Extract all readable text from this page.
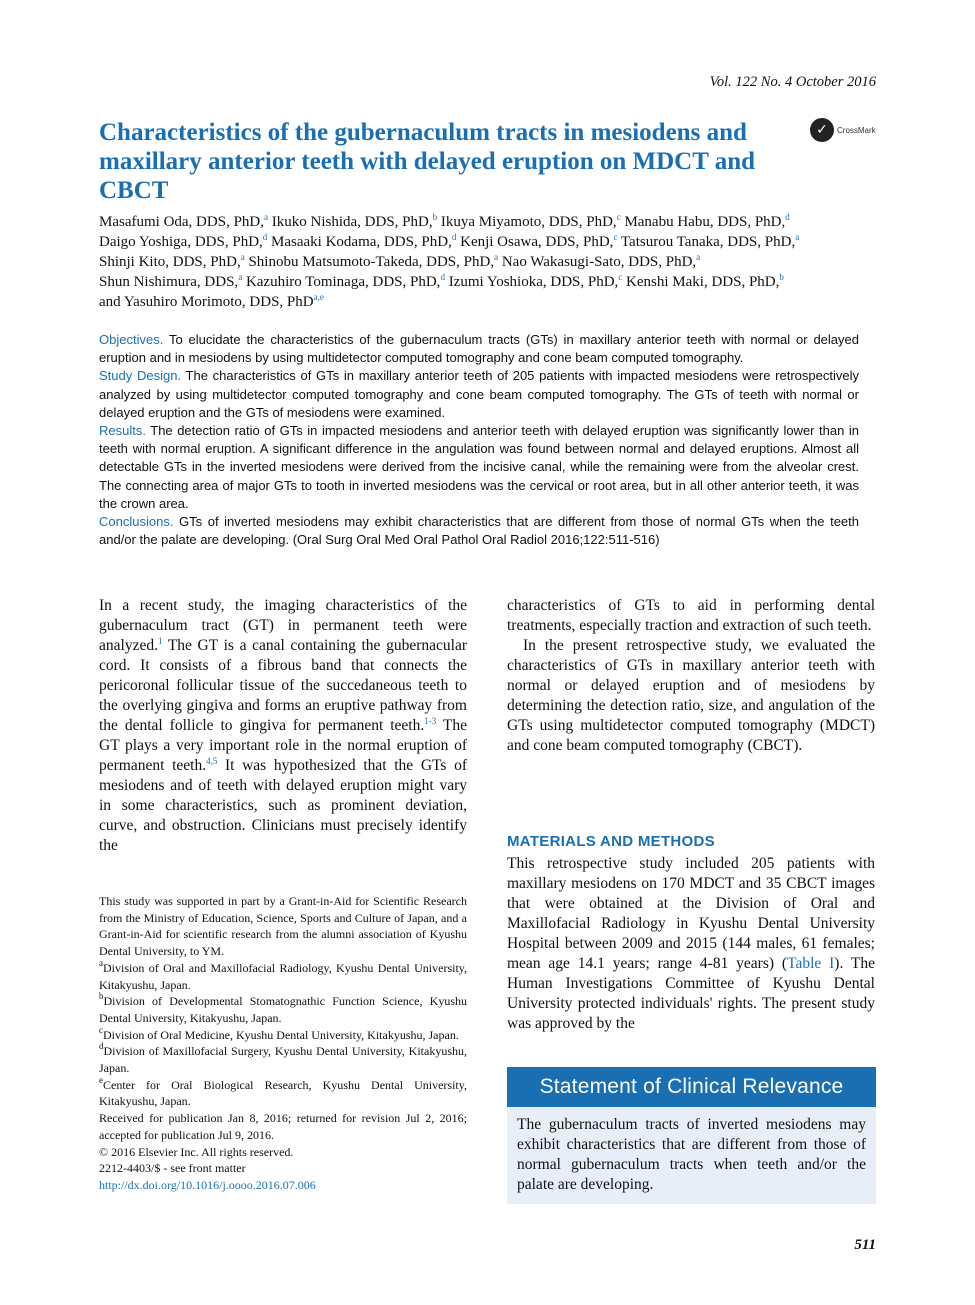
Vol. 122 No. 4 October 2016
Characteristics of the gubernaculum tracts in mesiodens and maxillary anterior teeth with delayed eruption on MDCT and CBCT
✓	CrossMark
Masafumi Oda, DDS, PhD,$^a$ Ikuko Nishida, DDS, PhD,$^b$ Ikuya Miyamoto, DDS, PhD,$^c$ Manabu Habu, DDS, PhD,$^d$
Daigo Yoshiga, DDS, PhD,$^d$ Masaaki Kodama, DDS, PhD,$^d$ Kenji Osawa, DDS, PhD,$^c$ Tatsurou Tanaka, DDS, PhD,$^a$
Shinji Kito, DDS, PhD,$^a$ Shinobu Matsumoto-Takeda, DDS, PhD,$^a$ Nao Wakasugi-Sato, DDS, PhD,$^a$
Shun Nishimura, DDS,$^a$ Kazuhiro Tominaga, DDS, PhD,$^d$ Izumi Yoshioka, DDS, PhD,$^c$ Kenshi Maki, DDS, PhD,$^b$
and Yasuhiro Morimoto, DDS, PhD$^{a,e}$

Objectives. To elucidate the characteristics of the gubernaculum tracts (GTs) in maxillary anterior teeth with normal or delayed eruption and in mesiodens by using multidetector computed tomography and cone beam computed tomography.

Study Design. The characteristics of GTs in maxillary anterior teeth of 205 patients with impacted mesiodens were retrospectively analyzed by using multidetector computed tomography and cone beam computed tomography. The GTs of teeth with normal or delayed eruption and the GTs of mesiodens were examined.

Results. The detection ratio of GTs in impacted mesiodens and anterior teeth with delayed eruption was significantly lower than in teeth with normal eruption. A significant difference in the angulation was found between normal and delayed eruptions. Almost all detectable GTs in the inverted mesiodens were derived from the incisive canal, while the remaining were from the alveolar crest. The connecting area of major GTs to tooth in inverted mesiodens was the cervical or root area, but in all other anterior teeth, it was the crown area.

Conclusions. GTs of inverted mesiodens may exhibit characteristics that are different from those of normal GTs when the teeth and/or the palate are developing. (Oral Surg Oral Med Oral Pathol Oral Radiol 2016;122:511-516)

In a recent study, the imaging characteristics of the gubernaculum tract (GT) in permanent teeth were analyzed.$^1$ The GT is a canal containing the gubernacular cord. It consists of a fibrous band that connects the pericoronal follicular tissue of the succedaneous teeth to the overlying gingiva and forms an eruptive pathway from the dental follicle to gingiva for permanent teeth.$^{1-3}$ The GT plays a very important role in the normal eruption of permanent teeth.$^{4,5}$ It was hypothesized that the GTs of mesiodens and of teeth with delayed eruption might vary in some characteristics, such as prominent deviation, curve, and obstruction. Clinicians must precisely identify the

characteristics of GTs to aid in performing dental treatments, especially traction and extraction of such teeth.

In the present retrospective study, we evaluated the characteristics of GTs in maxillary anterior teeth with normal or delayed eruption and of mesiodens by determining the detection ratio, size, and angulation of the GTs using multidetector computed tomography (MDCT) and cone beam computed tomography (CBCT).

MATERIALS AND METHODS

This retrospective study included 205 patients with maxillary mesiodens on 170 MDCT and 35 CBCT images that were obtained at the Division of Oral and Maxillofacial Radiology in Kyushu Dental University Hospital between 2009 and 2015 (144 males, 61 females; mean age 14.1 years; range 4-81 years) (Table I). The Human Investigations Committee of Kyushu Dental University protected individuals' rights. The present study was approved by the

This study was supported in part by a Grant-in-Aid for Scientific Research from the Ministry of Education, Science, Sports and Culture of Japan, and a Grant-in-Aid for scientific research from the alumni association of Kyushu Dental University, to YM.

$^a$Division of Oral and Maxillofacial Radiology, Kyushu Dental University, Kitakyushu, Japan.

$^b$Division of Developmental Stomatognathic Function Science, Kyushu Dental University, Kitakyushu, Japan.

$^c$Division of Oral Medicine, Kyushu Dental University, Kitakyushu, Japan.

$^d$Division of Maxillofacial Surgery, Kyushu Dental University, Kitakyushu, Japan.

$^e$Center for Oral Biological Research, Kyushu Dental University, Kitakyushu, Japan.

Received for publication Jan 8, 2016; returned for revision Jul 2, 2016; accepted for publication Jul 9, 2016.

© 2016 Elsevier Inc. All rights reserved.

2212-4403/$ - see front matter

http://dx.doi.org/10.1016/j.oooo.2016.07.006

Statement of Clinical Relevance
The gubernaculum tracts of inverted mesiodens may exhibit characteristics that are different from those of normal gubernaculum tracts when teeth and/or the palate are developing.
511
